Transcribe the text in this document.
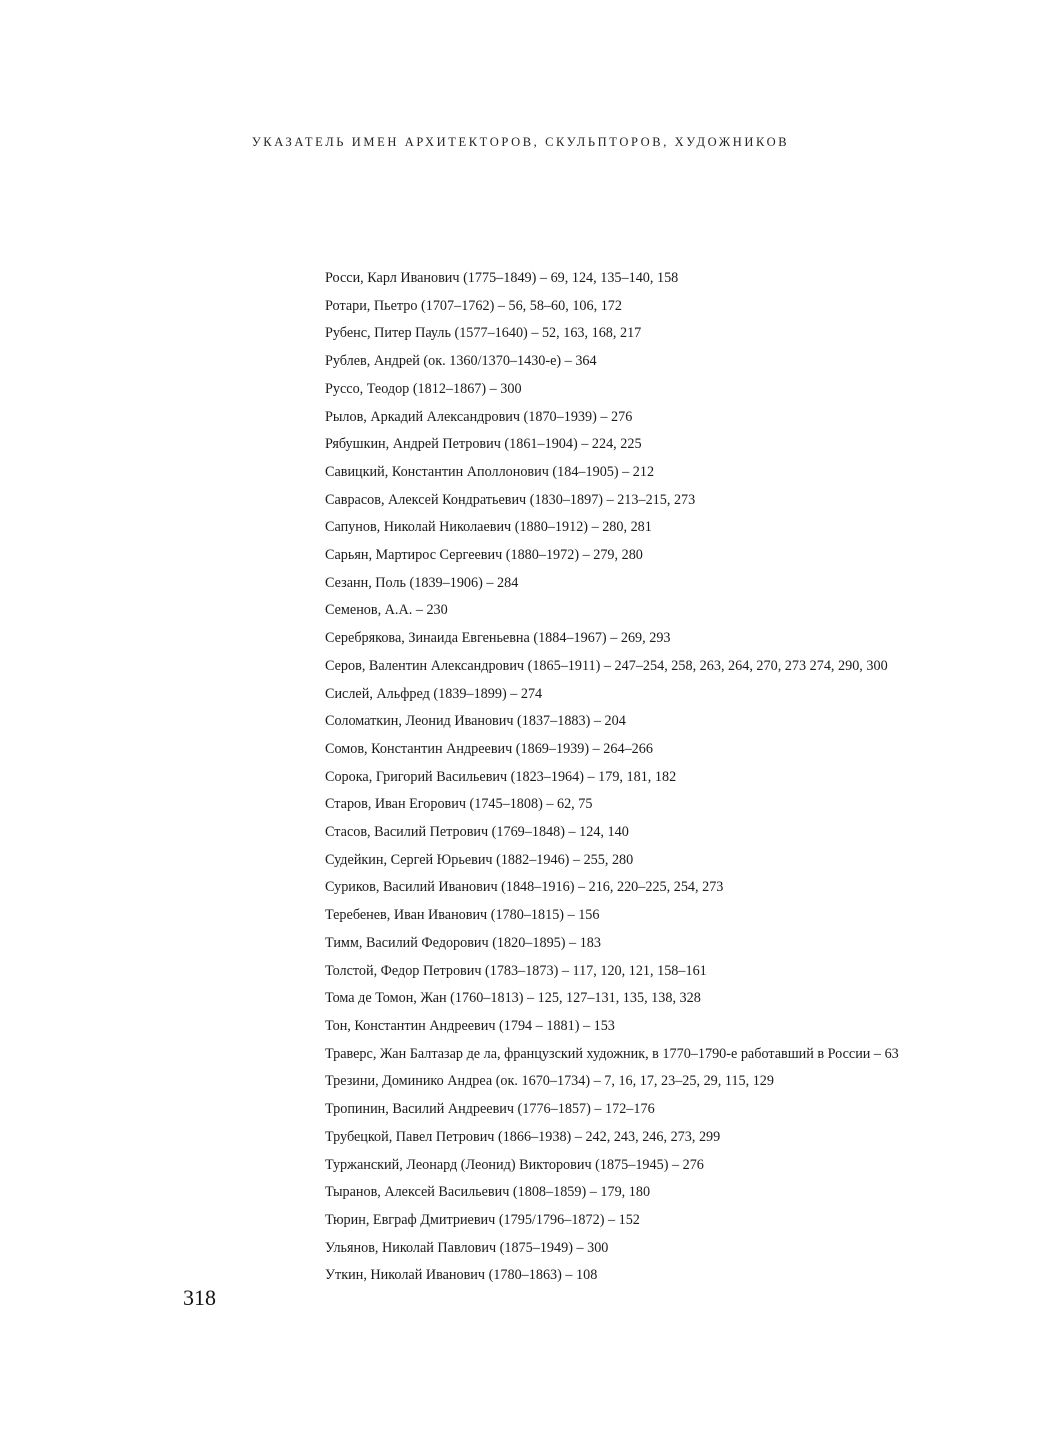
УКАЗАТЕЛЬ ИМЕН АРХИТЕКТОРОВ, СКУЛЬПТОРОВ, ХУДОЖНИКОВ
Росси, Карл Иванович (1775–1849) – 69, 124, 135–140, 158
Ротари, Пьетро (1707–1762) – 56, 58–60, 106, 172
Рубенс, Питер Пауль (1577–1640) – 52, 163, 168, 217
Рублев, Андрей (ок. 1360/1370–1430-е) – 364
Руссо, Теодор (1812–1867) – 300
Рылов, Аркадий Александрович (1870–1939) – 276
Рябушкин, Андрей Петрович (1861–1904) – 224, 225
Савицкий, Константин Аполлонович (184–1905) – 212
Саврасов, Алексей Кондратьевич (1830–1897) – 213–215, 273
Сапунов, Николай Николаевич (1880–1912) – 280, 281
Сарьян, Мартирос Сергеевич (1880–1972) – 279, 280
Сезанн, Поль (1839–1906) – 284
Семенов, А.А. – 230
Серебрякова, Зинаида Евгеньевна (1884–1967) – 269, 293
Серов, Валентин Александрович (1865–1911) – 247–254, 258, 263, 264, 270, 273 274, 290, 300
Сислей, Альфред (1839–1899) – 274
Соломаткин, Леонид Иванович (1837–1883) – 204
Сомов, Константин Андреевич (1869–1939) – 264–266
Сорока, Григорий Васильевич (1823–1964) – 179, 181, 182
Старов, Иван Егорович (1745–1808) – 62, 75
Стасов, Василий Петрович (1769–1848) – 124, 140
Судейкин, Сергей Юрьевич (1882–1946) – 255, 280
Суриков, Василий Иванович (1848–1916) – 216, 220–225, 254, 273
Теребенев, Иван Иванович (1780–1815) – 156
Тимм, Василий Федорович (1820–1895) – 183
Толстой, Федор Петрович (1783–1873) – 117, 120, 121, 158–161
Тома де Томон, Жан (1760–1813) – 125, 127–131, 135, 138, 328
Тон, Константин Андреевич (1794 – 1881) – 153
Траверс, Жан Балтазар де ла, французский художник, в 1770–1790-е работавший в России – 63
Трезини, Доминико Андреа (ок. 1670–1734) – 7, 16, 17, 23–25, 29, 115, 129
Тропинин, Василий Андреевич (1776–1857) – 172–176
Трубецкой, Павел Петрович (1866–1938) – 242, 243, 246, 273, 299
Туржанский, Леонард (Леонид) Викторович (1875–1945) – 276
Тыранов, Алексей Васильевич (1808–1859) – 179, 180
Тюрин, Евграф Дмитриевич (1795/1796–1872) – 152
Ульянов, Николай Павлович (1875–1949) – 300
Уткин, Николай Иванович (1780–1863) – 108
318
